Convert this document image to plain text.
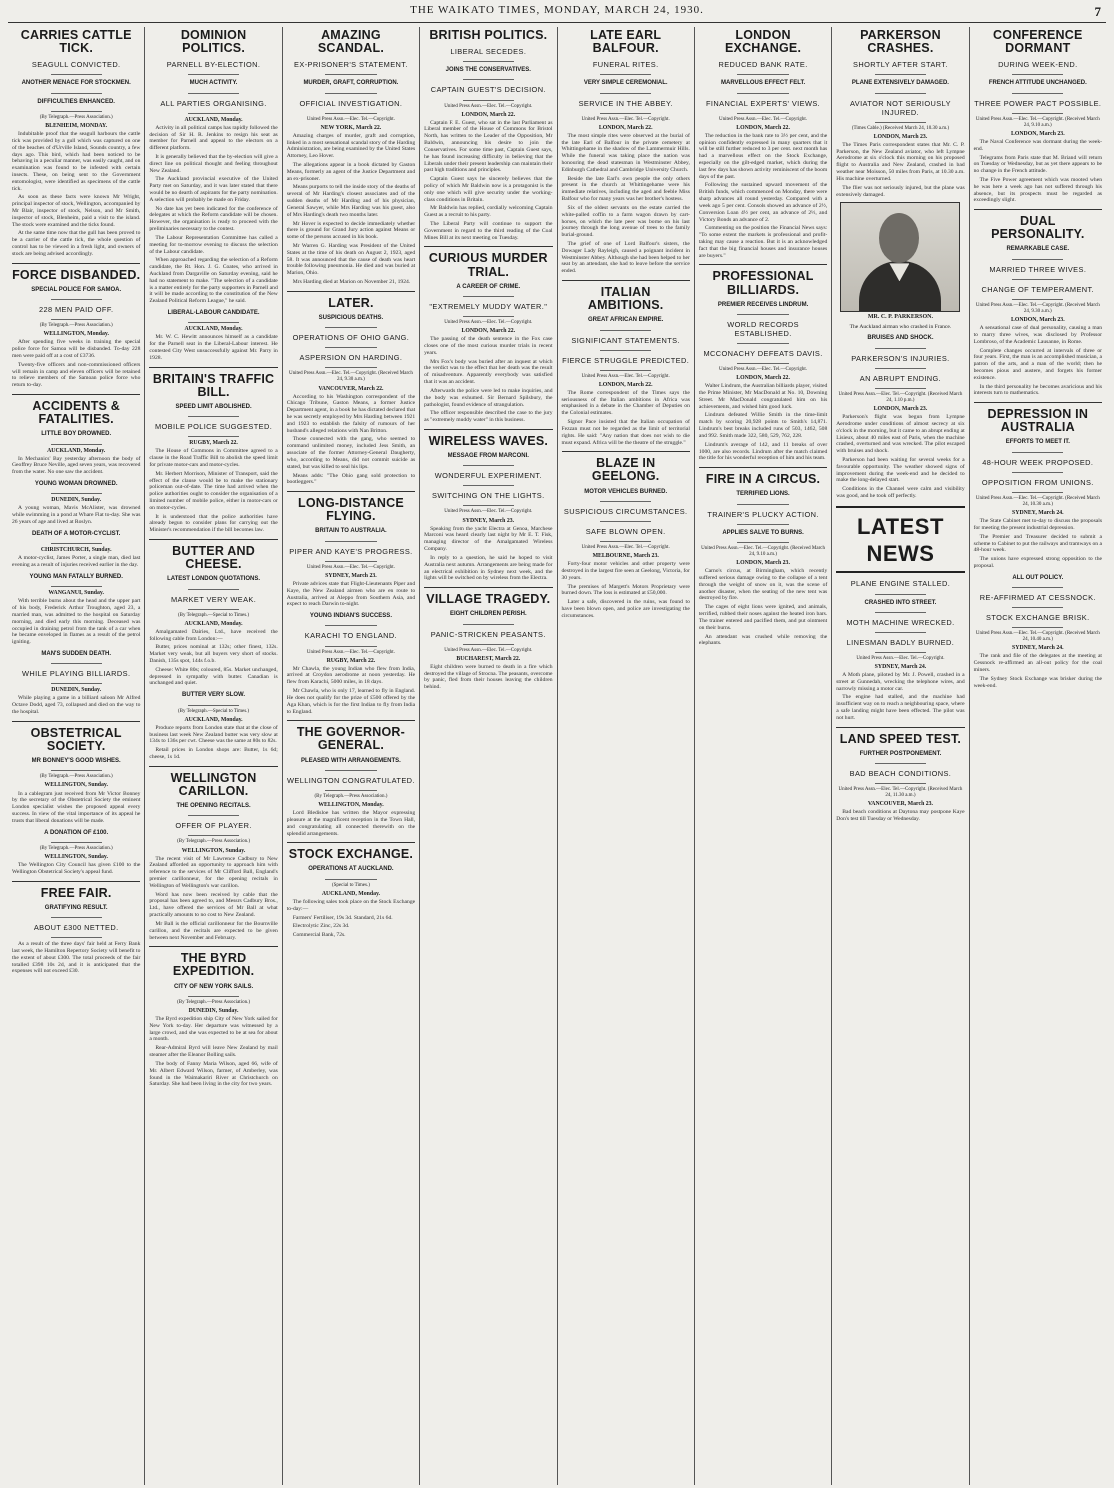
THE WAIKATO TIMES, MONDAY, MARCH 24, 1930.	7
CARRIES CATTLE TICK.
SEAGULL CONVICTED.
ANOTHER MENACE FOR STOCKMEN.
DIFFICULTIES ENHANCED.
(By Telegraph.—Press Association.)
BLENHEIM, MONDAY.

Indubitable proof that the seagull harbours the cattle tick was provided by a gull which was captured on one of the beaches of d'Urville Island, Sounds country, a few days ago. This bird, which had been noticed to be behaving in a peculiar manner, was easily caught, and on examination was found to be infested with certain insects. These, on being sent to the Government entomologist, were identified as specimens of the cattle tick.

As soon as these facts were known Mr Wright, principal inspector of stock, Wellington, accompanied by Mr Blair, inspector of stock, Nelson, and Mr Smith, inspector of stock, Blenheim, paid a visit to the island. The stock were examined and the ticks found.

At the same time now that the gull has been proved to be a carrier of the cattle tick, the whole question of control has to be viewed in a fresh light, and owners of stock are being advised accordingly.

FORCE DISBANDED.
SPECIAL POLICE FOR SAMOA.
228 MEN PAID OFF.
(By Telegraph.—Press Association.)
WELLINGTON, Monday.

After spending five weeks in training the special police force for Samoa will be disbanded. To-day 228 men were paid off at a cost of £3736.

Twenty-five officers and non-commissioned officers will remain in camp and eleven officers will be retained to relieve members of the Samoan police force who return to-day.

ACCIDENTS & FATALITIES.
LITTLE BOY DROWNED.
AUCKLAND, Monday.

In Mechanics' Bay yesterday afternoon the body of Geoffrey Bruce Neville, aged seven years, was recovered from the water. No one saw the accident.

YOUNG WOMAN DROWNED.
DUNEDIN, Sunday.

A young woman, Mavis McAlister, was drowned while swimming in a pond at Whare Flat to-day. She was 26 years of age and lived at Roslyn.

DEATH OF A MOTOR-CYCLIST.
CHRISTCHURCH, Sunday.

A motor-cyclist, James Porter, a single man, died last evening as a result of injuries received earlier in the day.

YOUNG MAN FATALLY BURNED.
WANGANUI, Sunday.

With terrible burns about the head and the upper part of his body, Frederick Arthur Troughton, aged 23, a married man, was admitted to the hospital on Saturday morning, and died early this morning. Deceased was occupied in draining petrol from the tank of a car when he became enveloped in flames as a result of the petrol igniting.

MAN'S SUDDEN DEATH.
WHILE PLAYING BILLIARDS.
DUNEDIN, Sunday.

While playing a game in a billiard saloon Mr Alfred Octave Dodd, aged 73, collapsed and died on the way to the hospital.

OBSTETRICAL SOCIETY.
MR BONNEY'S GOOD WISHES.
(By Telegraph.—Press Association.)
WELLINGTON, Sunday.

In a cablegram just received from Mr Victor Bonney by the secretary of the Obstetrical Society the eminent London specialist wishes the proposed appeal every success. In view of the vital importance of its appeal he trusts that liberal donations will be made.

A DONATION OF £100.
(By Telegraph.—Press Association.)
WELLINGTON, Sunday.

The Wellington City Council has given £100 to the Wellington Obstetrical Society's appeal fund.

FREE FAIR.
GRATIFYING RESULT.
ABOUT £300 NETTED.

As a result of the three days' fair held at Ferry Bank last week, the Hamilton Repertory Society will benefit to the extent of about £300. The total proceeds of the fair totalled £398 10s 2d, and it is anticipated that the expenses will not exceed £30.

DOMINION POLITICS.
PARNELL BY-ELECTION.
MUCH ACTIVITY.
ALL PARTIES ORGANISING.
AUCKLAND, Monday.

Activity in all political camps has rapidly followed the decision of Sir H. R. Jenkins to resign his seat as member for Parnell and appeal to the electors on a different platform.

It is generally believed that the by-election will give a direct line on political thought and feeling throughout New Zealand.

The Auckland provincial executive of the United Party met on Saturday, and it was later stated that there would be no dearth of aspirants for the party nomination. A selection will probably be made on Friday.

No date has yet been indicated for the conference of delegates at which the Reform candidate will be chosen. However, the organisation is ready to proceed with the preliminaries necessary to the contest.

The Labour Representation Committee has called a meeting for to-morrow evening to discuss the selection of the Labour candidate.

When approached regarding the selection of a Reform candidate, the Rt. Hon. J. G. Coates, who arrived in Auckland from Dargaville on Saturday evening, said he had no statement to make. "The selection of a candidate is a matter entirely for the party supporters in Parnell and it will be made according to the constitution of the New Zealand Political Reform League," he said.

LIBERAL-LABOUR CANDIDATE.
AUCKLAND, Monday.

Mr. W. C. Hewitt announces himself as a candidate for the Parnell seat in the Liberal-Labour interest. He contested City West unsuccessfully against Mr. Parry in 1928.

BRITAIN'S TRAFFIC BILL.
SPEED LIMIT ABOLISHED.
MOBILE POLICE SUGGESTED.
RUGBY, March 22.

The House of Commons in Committee agreed to a clause in the Road Traffic Bill to abolish the speed limit for private motor-cars and motor-cycles.

Mr. Herbert Morrison, Minister of Transport, said the effect of the clause would be to make the stationary policeman out-of-date. The time had arrived when the police authorities ought to consider the organisation of a limited number of mobile police, either in motor-cars or on motor-cycles.

It is understood that the police authorities have already begun to consider plans for carrying out the Minister's recommendation if the bill becomes law.

BUTTER AND CHEESE.
LATEST LONDON QUOTATIONS.
MARKET VERY WEAK.
(By Telegraph.—Special to Times.)
AUCKLAND, Monday.

Amalgamated Dairies, Ltd., have received the following cable from London:—

Butter, prices nominal at 132s; other finest, 132s. Market very weak, but all buyers very short of stocks. Danish, 135s spot, 144s f.o.b.

Cheese: White 80s; coloured, 85s. Market unchanged, depressed in sympathy with butter. Canadian is unchanged and quiet.

BUTTER VERY SLOW.
(By Telegraph.—Special to Times.)
AUCKLAND, Monday.

Produce reports from London state that at the close of business last week New Zealand butter was very slow at 134s to 136s per cwt. Cheese was the same at 80s to 82s.

Retail prices in London shops are: Butter, 1s 6d; cheese, 1s 1d.

WELLINGTON CARILLON.
THE OPENING RECITALS.
OFFER OF PLAYER.
(By Telegraph.—Press Association.)
WELLINGTON, Sunday.

The recent visit of Mr Lawrence Cadbury to New Zealand afforded an opportunity to approach him with reference to the services of Mr Clifford Ball, England's premier carillonneur, for the opening recitals in Wellington of Wellington's war carillon.

Word has now been received by cable that the proposal has been agreed to, and Messrs Cadbury Bros., Ltd., have offered the services of Mr Ball at what practically amounts to no cost to New Zealand.

Mr Ball is the official carillonneur for the Bournville carillon, and the recitals are expected to be given between next November and February.

THE BYRD EXPEDITION.
CITY OF NEW YORK SAILS.
(By Telegraph.—Press Association.)
DUNEDIN, Sunday.

The Byrd expedition ship City of New York sailed for New York to-day. Her departure was witnessed by a large crowd, and she was expected to be at sea for about a month.

Rear-Admiral Byrd will leave New Zealand by mail steamer after the Eleanor Bolling sails.

The body of Fanny Maria Wilson, aged 66, wife of Mr. Albert Edward Wilson, farmer, of Amberley, was found in the Waimakariri River at Christchurch on Saturday. She had been living in the city for two years.

AMAZING SCANDAL.
EX-PRISONER'S STATEMENT.
MURDER, GRAFT, CORRUPTION.
OFFICIAL INVESTIGATION.
United Press Assn.—Elec. Tel.—Copyright.
NEW YORK, March 22.

Amazing charges of murder, graft and corruption, linked in a most sensational scandal story of the Harding Administration, are being examined by the United States Attorney, Leo Hover.

The allegations appear in a book dictated by Gaston Means, formerly an agent of the Justice Department and an ex-prisoner.

Means purports to tell the inside story of the deaths of several of Mr Harding's closest associates and of the sudden deaths of Mr Harding and of his physician, General Sawyer, while Mrs Harding was his guest, also of Mrs Harding's death two months later.

Mr Hover is expected to decide immediately whether there is ground for Grand Jury action against Means or some of the persons accused in his book.

Mr Warren G. Harding was President of the United States at the time of his death on August 2, 1923, aged 58. It was announced that the cause of death was heart trouble following pneumonia. He died and was buried at Marion, Ohio.

Mrs Harding died at Marion on November 21, 1924.

LATER.
SUSPICIOUS DEATHS.
OPERATIONS OF OHIO GANG.
ASPERSION ON HARDING.
United Press Assn.—Elec. Tel.—Copyright. (Received March 24, 9.30 a.m.)
VANCOUVER, March 22.

According to his Washington correspondent of the Chicago Tribune, Gaston Means, a former Justice Department agent, in a book he has dictated declared that he was secretly employed by Mrs Harding between 1921 and 1923 to establish the falsity of rumours of her husband's alleged relations with Nan Britton.

Those connected with the gang, who seemed to command unlimited money, included Jess Smith, an associate of the former Attorney-General Daugherty, who, according to Means, did not commit suicide as stated, but was killed to seal his lips.

Means adds: "The Ohio gang sold protection to bootleggers."

LONG-DISTANCE FLYING.
BRITAIN TO AUSTRALIA.
PIPER AND KAYE'S PROGRESS.
United Press Assn.—Elec. Tel.—Copyright.
SYDNEY, March 23.

Private advices state that Flight-Lieutenants Piper and Kaye, the New Zealand airmen who are en route to Australia, arrived at Aleppo from Southern Asia, and expect to reach Darwin to-night.

YOUNG INDIAN'S SUCCESS.
KARACHI TO ENGLAND.
United Press Assn.—Elec. Tel.—Copyright.
RUGBY, March 22.

Mr Chawla, the young Indian who flew from India, arrived at Croydon aerodrome at noon yesterday. He flew from Karachi, 5000 miles, in 18 days.

Mr Chawla, who is only 17, learned to fly in England. He does not qualify for the prize of £500 offered by the Aga Khan, which is for the first Indian to fly from India to England.

THE GOVERNOR-GENERAL.
PLEASED WITH ARRANGEMENTS.
WELLINGTON CONGRATULATED.
(By Telegraph.—Press Association.)
WELLINGTON, Monday.

Lord Bledisloe has written the Mayor expressing pleasure at the magnificent reception in the Town Hall, and congratulating all connected therewith on the splendid arrangements.

STOCK EXCHANGE.
OPERATIONS AT AUCKLAND.
(Special to Times.)
AUCKLAND, Monday.

The following sales took place on the Stock Exchange to-day:—

Farmers' Fertiliser, 19s 3d. Standard, 21s 6d.

Electrolytic Zinc, 22s 3d.

Commercial Bank, 72s.

BRITISH POLITICS.
LIBERAL SECEDES.
JOINS THE CONSERVATIVES.
CAPTAIN GUEST'S DECISION.
United Press Assn.—Elec. Tel.—Copyright.
LONDON, March 22.

Captain F. E. Guest, who sat in the last Parliament as Liberal member of the House of Commons for Bristol North, has written to the Leader of the Opposition, Mr Baldwin, announcing his desire to join the Conservatives. For some time past, Captain Guest says, he has found increasing difficulty in believing that the Liberals under their present leadership can maintain their past high traditions and principles.

Captain Guest says he sincerely believes that the policy of which Mr Baldwin now is a protagonist is the only one which will give security under the working-class conditions in Britain.

Mr Baldwin has replied, cordially welcoming Captain Guest as a recruit to his party.

The Liberal Party will continue to support the Government in regard to the third reading of the Coal Mines Bill at its next meeting on Tuesday.

CURIOUS MURDER TRIAL.
A CAREER OF CRIME.
"EXTREMELY MUDDY WATER."
United Press Assn.—Elec. Tel.—Copyright.
LONDON, March 22.

The passing of the death sentence in the Fox case closes one of the most curious murder trials in recent years.

Mrs Fox's body was buried after an inquest at which the verdict was to the effect that her death was the result of misadventure. Apparently everybody was satisfied that it was an accident.

Afterwards the police were led to make inquiries, and the body was exhumed. Sir Bernard Spilsbury, the pathologist, found evidence of strangulation.

The officer responsible described the case to the jury as "extremely muddy water" in this business.

WIRELESS WAVES.
MESSAGE FROM MARCONI.
WONDERFUL EXPERIMENT.
SWITCHING ON THE LIGHTS.
United Press Assn.—Elec. Tel.—Copyright.
SYDNEY, March 23.

Speaking from the yacht Electra at Genoa, Marchese Marconi was heard clearly last night by Mr E. T. Fisk, managing director of the Amalgamated Wireless Company.

In reply to a question, he said he hoped to visit Australia next autumn. Arrangements are being made for an electrical exhibition in Sydney next week, and the lights will be switched on by wireless from the Electra.

VILLAGE TRAGEDY.
EIGHT CHILDREN PERISH.
PANIC-STRICKEN PEASANTS.
United Press Assn.—Elec. Tel.—Copyright.
BUCHAREST, March 22.

Eight children were burned to death in a fire which destroyed the village of Strocna. The peasants, overcome by panic, fled from their houses leaving the children behind.

LATE EARL BALFOUR.
FUNERAL RITES.
VERY SIMPLE CEREMONIAL.
SERVICE IN THE ABBEY.
United Press Assn.—Elec. Tel.—Copyright.
LONDON, March 22.

The most simple rites were observed at the burial of the late Earl of Balfour in the private cemetery at Whittingehame in the shadow of the Lammermuir Hills. While the funeral was taking place the nation was honouring the dead statesman in Westminster Abbey, Edinburgh Cathedral and Cambridge University Church.

Beside the late Earl's own people the only others present in the church at Whittingehame were his immediate relatives, including the aged and feeble Miss Balfour who for many years was her brother's hostess.

Six of the oldest servants on the estate carried the white-palled coffin to a farm wagon drawn by cart-horses, on which the late peer was borne on his last journey through the long avenue of trees to the family burial-ground.

The grief of one of Lord Balfour's sisters, the Dowager Lady Rayleigh, caused a poignant incident in Westminster Abbey. Although she had been helped to her seat by an attendant, she had to leave before the service ended.

ITALIAN AMBITIONS.
GREAT AFRICAN EMPIRE.
SIGNIFICANT STATEMENTS.
FIERCE STRUGGLE PREDICTED.
United Press Assn.—Elec. Tel.—Copyright.
LONDON, March 22.

The Rome correspondent of the Times says the seriousness of the Italian ambitions in Africa was emphasised in a debate in the Chamber of Deputies on the Colonial estimates.

Signor Pace insisted that the Italian occupation of Fezzan must not be regarded as the limit of territorial rights. He said: "Any nation that does not wish to die must expand. Africa will be the theatre of the struggle."

BLAZE IN GEELONG.
MOTOR VEHICLES BURNED.
SUSPICIOUS CIRCUMSTANCES.
SAFE BLOWN OPEN.
United Press Assn.—Elec. Tel.—Copyright.
MELBOURNE, March 23.

Forty-four motor vehicles and other property were destroyed in the largest fire seen at Geelong, Victoria, for 30 years.

The premises of Margett's Motors Proprietary were burned down. The loss is estimated at £50,000.

Later a safe, discovered in the ruins, was found to have been blown open, and police are investigating the circumstances.

LONDON EXCHANGE.
REDUCED BANK RATE.
MARVELLOUS EFFECT FELT.
FINANCIAL EXPERTS' VIEWS.
United Press Assn.—Elec. Tel.—Copyright.
LONDON, March 22.

The reduction in the bank rate to 3½ per cent, and the opinion confidently expressed in many quarters that it will be still further reduced to 3 per cent. next month has had a marvellous effect on the Stock Exchange, especially on the gilt-edged market, which during the last few days has shown activity reminiscent of the boom days of the past.

Following the sustained upward movement of the British funds, which commenced on Monday, there were sharp advances all round yesterday. Compared with a week ago 5 per cent. Consols showed an advance of 2½, Conversion Loan 4½ per cent, an advance of 2½, and Victory Bonds an advance of 2.

Commenting on the position the Financial News says: "To some extent the markets is professional and profit-taking may cause a reaction. But it is an acknowledged fact that the big financial houses and insurance houses are buyers."

PROFESSIONAL BILLIARDS.
PREMIER RECEIVES LINDRUM.
WORLD RECORDS ESTABLISHED.
MCCONACHY DEFEATS DAVIS.
United Press Assn.—Elec. Tel.—Copyright.
LONDON, March 22.

Walter Lindrum, the Australian billiards player, visited the Prime Minister, Mr MacDonald at No. 10, Downing Street. Mr MacDonald congratulated him on his achievements, and wished him good luck.

Lindrum defeated Willie Smith in the time-limit match by scoring 20,928 points to Smith's 14,871. Lindrum's best breaks included runs of 503, 1462, 508 and 992. Smith made 322, 580, 529, 762, 228.

Lindrum's average of 142, and 11 breaks of over 1000, are also records. Lindrum after the match claimed the title for his wonderful reception of him and his team.

FIRE IN A CIRCUS.
TERRIFIED LIONS.
TRAINER'S PLUCKY ACTION.
APPLIES SALVE TO BURNS.
United Press Assn.—Elec. Tel.—Copyright. (Received March 24, 9.10 a.m.)
LONDON, March 23.

Carno's circus, at Birmingham, which recently suffered serious damage owing to the collapse of a tent through the weight of snow on it, was the scene of another disaster, when the seating of the new tent was destroyed by fire.

The cages of eight lions were ignited, and animals, terrified, rubbed their noses against the heated iron bars. The trainer entered and pacified them, and put ointment on their burns.

An attendant was crushed while removing the elephants.

PARKERSON CRASHES.
SHORTLY AFTER START.
PLANE EXTENSIVELY DAMAGED.
AVIATOR NOT SERIOUSLY INJURED.
(Times Cable.) (Received March 24, 10.30 a.m.)
LONDON, March 23.

The Times Paris correspondent states that Mr. C. P. Parkerson, the New Zealand aviator, who left Lympne Aerodrome at six o'clock this morning on his proposed flight to Australia and New Zealand, crashed in bad weather near Moisson, 50 miles from Paris, at 10.30 a.m. His machine overturned.

The flier was not seriously injured, but the plane was extensively damaged.

MR. C. P. PARKERSON.
The Auckland airman who crashed in France.
BRUISES AND SHOCK.
PARKERSON'S INJURIES.
AN ABRUPT ENDING.
United Press Assn.—Elec. Tel.—Copyright. (Received March 24, 1.10 p.m.)
LONDON, March 23.

Parkerson's flight was begun from Lympne Aerodrome under conditions of almost secrecy at six o'clock in the morning, but it came to an abrupt ending at Lisieux, about 40 miles east of Paris, when the machine crashed, overturned and was wrecked. The pilot escaped with bruises and shock.

Parkerson had been waiting for several weeks for a favourable opportunity. The weather showed signs of improvement during the week-end and he decided to make the long-delayed start.

Conditions in the Channel were calm and visibility was good, and he took off perfectly.

LATEST NEWS
PLANE ENGINE STALLED.
CRASHED INTO STREET.
MOTH MACHINE WRECKED.
LINESMAN BADLY BURNED.
United Press Assn.—Elec. Tel.—Copyright.
SYDNEY, March 24.

A Moth plane, piloted by Mr. J. Powell, crashed in a street at Gunnedah, wrecking the telephone wires, and narrowly missing a motor car.

The engine had stalled, and the machine had insufficient way on to reach a neighbouring space, where a safe landing might have been effected. The pilot was not hurt.

LAND SPEED TEST.
FURTHER POSTPONEMENT.
BAD BEACH CONDITIONS.
United Press Assn.—Elec. Tel.—Copyright. (Received March 24, 11.30 a.m.)
VANCOUVER, March 23.

Bad beach conditions at Daytona may postpone Kaye Don's test till Tuesday or Wednesday.

CONFERENCE DORMANT
DURING WEEK-END.
FRENCH ATTITUDE UNCHANGED.
THREE POWER PACT POSSIBLE.
United Press Assn.—Elec. Tel.—Copyright. (Received March 24, 9.10 a.m.)
LONDON, March 23.

The Naval Conference was dormant during the week-end.

Telegrams from Paris state that M. Briand will return on Tuesday or Wednesday, but as yet there appears to be no change in the French attitude.

The Five Power agreement which was mooted when he was here a week ago has not suffered through his absence, but its prospects must be regarded as exceedingly slight.

DUAL PERSONALITY.
REMARKABLE CASE.
MARRIED THREE WIVES.
CHANGE OF TEMPERAMENT.
United Press Assn.—Elec. Tel.—Copyright. (Received March 24, 9.30 a.m.)
LONDON, March 23.

A sensational case of dual personality, causing a man to marry three wives, was disclosed by Professor Lombroso, of the Academic Lausanne, in Rome.

Complete changes occurred at intervals of three or four years. First, the man is an accomplished musician, a patron of the arts, and a man of the world; then he becomes pious and austere, and forgets his former existence.

In the third personality he becomes avaricious and his interests turn to mathematics.

DEPRESSION IN AUSTRALIA
EFFORTS TO MEET IT.
48-HOUR WEEK PROPOSED.
OPPOSITION FROM UNIONS.
United Press Assn.—Elec. Tel.—Copyright. (Received March 24, 10.30 a.m.)
SYDNEY, March 24.

The State Cabinet met to-day to discuss the proposals for meeting the present industrial depression.

The Premier and Treasurer decided to submit a scheme to Cabinet to put the railways and tramways on a 48-hour week.

The unions have expressed strong opposition to the proposal.

ALL OUT POLICY.
RE-AFFIRMED AT CESSNOCK.
STOCK EXCHANGE BRISK.
United Press Assn.—Elec. Tel.—Copyright. (Received March 24, 10.40 a.m.)
SYDNEY, March 24.

The rank and file of the delegates at the meeting at Cessnock re-affirmed an all-out policy for the coal miners.

The Sydney Stock Exchange was brisker during the week-end.
